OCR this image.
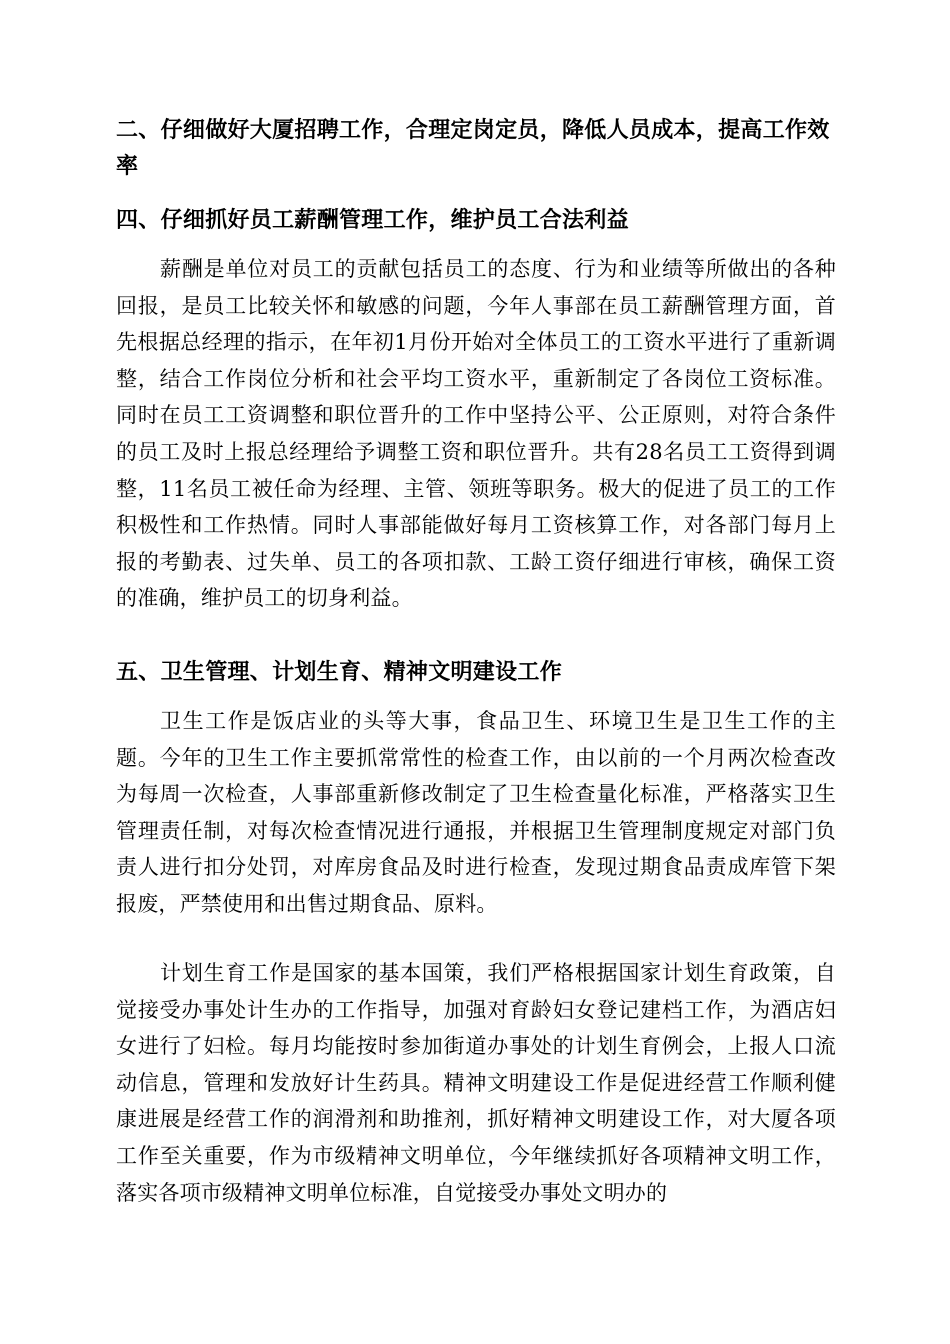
二、仔细做好大厦招聘工作，合理定岗定员，降低人员成本，提高工作效率
四、仔细抓好员工薪酬管理工作，维护员工合法利益

薪酬是单位对员工的贡献包括员工的态度、行为和业绩等所做出的各种回报，是员工比较关怀和敏感的问题，今年人事部在员工薪酬管理方面，首先根据总经理的指示，在年初1月份开始对全体员工的工资水平进行了重新调整，结合工作岗位分析和社会平均工资水平，重新制定了各岗位工资标准。同时在员工工资调整和职位晋升的工作中坚持公平、公正原则，对符合条件的员工及时上报总经理给予调整工资和职位晋升。共有28名员工工资得到调整，11名员工被任命为经理、主管、领班等职务。极大的促进了员工的工作积极性和工作热情。同时人事部能做好每月工资核算工作，对各部门每月上报的考勤表、过失单、员工的各项扣款、工龄工资仔细进行审核，确保工资的准确，维护员工的切身利益。

五、卫生管理、计划生育、精神文明建设工作

卫生工作是饭店业的头等大事，食品卫生、环境卫生是卫生工作的主题。今年的卫生工作主要抓常常性的检查工作，由以前的一个月两次检查改为每周一次检查，人事部重新修改制定了卫生检查量化标准，严格落实卫生管理责任制，对每次检查情况进行通报，并根据卫生管理制度规定对部门负责人进行扣分处罚，对库房食品及时进行检查，发现过期食品责成库管下架报废，严禁使用和出售过期食品、原料。

计划生育工作是国家的基本国策，我们严格根据国家计划生育政策，自觉接受办事处计生办的工作指导，加强对育龄妇女登记建档工作，为酒店妇女进行了妇检。每月均能按时参加街道办事处的计划生育例会，上报人口流动信息，管理和发放好计生药具。精神文明建设工作是促进经营工作顺利健康进展是经营工作的润滑剂和助推剂，抓好精神文明建设工作，对大厦各项工作至关重要，作为市级精神文明单位，今年继续抓好各项精神文明工作，落实各项市级精神文明单位标准，自觉接受办事处文明办的
